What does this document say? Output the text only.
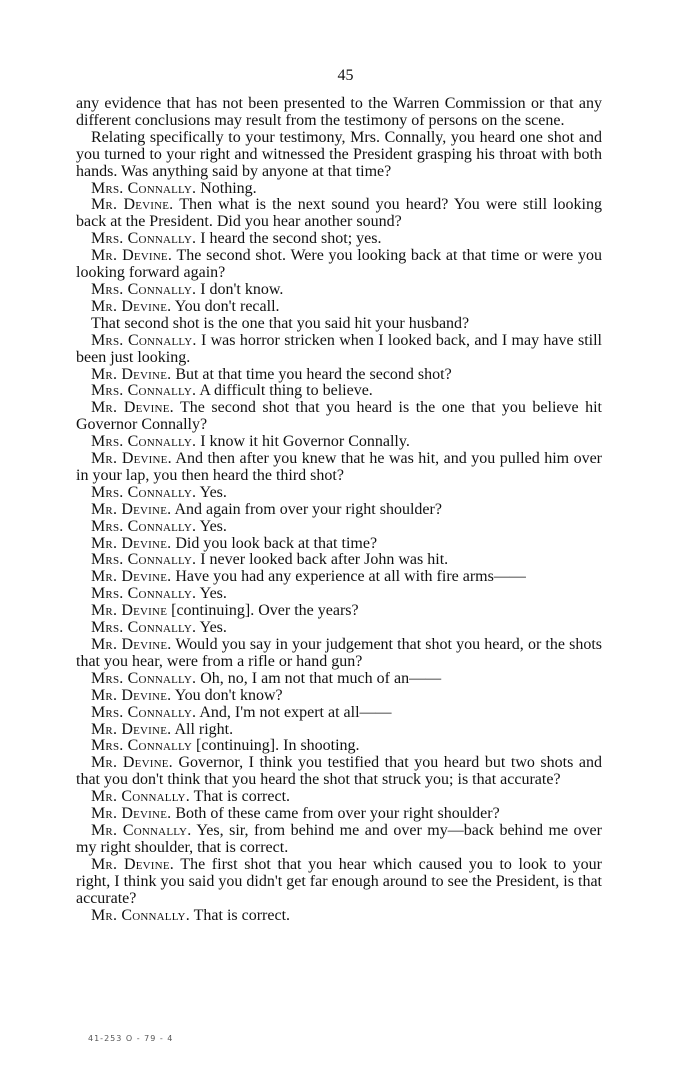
45

any evidence that has not been presented to the Warren Commission or that any different conclusions may result from the testimony of persons on the scene.

Relating specifically to your testimony, Mrs. Connally, you heard one shot and you turned to your right and witnessed the President grasping his throat with both hands. Was anything said by anyone at that time?

Mrs. Connally. Nothing.

Mr. Devine. Then what is the next sound you heard? You were still looking back at the President. Did you hear another sound?

Mrs. Connally. I heard the second shot; yes.

Mr. Devine. The second shot. Were you looking back at that time or were you looking forward again?

Mrs. Connally. I don't know.

Mr. Devine. You don't recall.

That second shot is the one that you said hit your husband?

Mrs. Connally. I was horror stricken when I looked back, and I may have still been just looking.

Mr. Devine. But at that time you heard the second shot?

Mrs. Connally. A difficult thing to believe.

Mr. Devine. The second shot that you heard is the one that you believe hit Governor Connally?

Mrs. Connally. I know it hit Governor Connally.

Mr. Devine. And then after you knew that he was hit, and you pulled him over in your lap, you then heard the third shot?

Mrs. Connally. Yes.

Mr. Devine. And again from over your right shoulder?

Mrs. Connally. Yes.

Mr. Devine. Did you look back at that time?

Mrs. Connally. I never looked back after John was hit.

Mr. Devine. Have you had any experience at all with fire arms——

Mrs. Connally. Yes.

Mr. Devine [continuing]. Over the years?

Mrs. Connally. Yes.

Mr. Devine. Would you say in your judgement that shot you heard, or the shots that you hear, were from a rifle or hand gun?

Mrs. Connally. Oh, no, I am not that much of an——

Mr. Devine. You don't know?

Mrs. Connally. And, I'm not expert at all——

Mr. Devine. All right.

Mrs. Connally [continuing]. In shooting.

Mr. Devine. Governor, I think you testified that you heard but two shots and that you don't think that you heard the shot that struck you; is that accurate?

Mr. Connally. That is correct.

Mr. Devine. Both of these came from over your right shoulder?

Mr. Connally. Yes, sir, from behind me and over my—back behind me over my right shoulder, that is correct.

Mr. Devine. The first shot that you hear which caused you to look to your right, I think you said you didn't get far enough around to see the President, is that accurate?

Mr. Connally. That is correct.

41-253 O - 79 - 4
